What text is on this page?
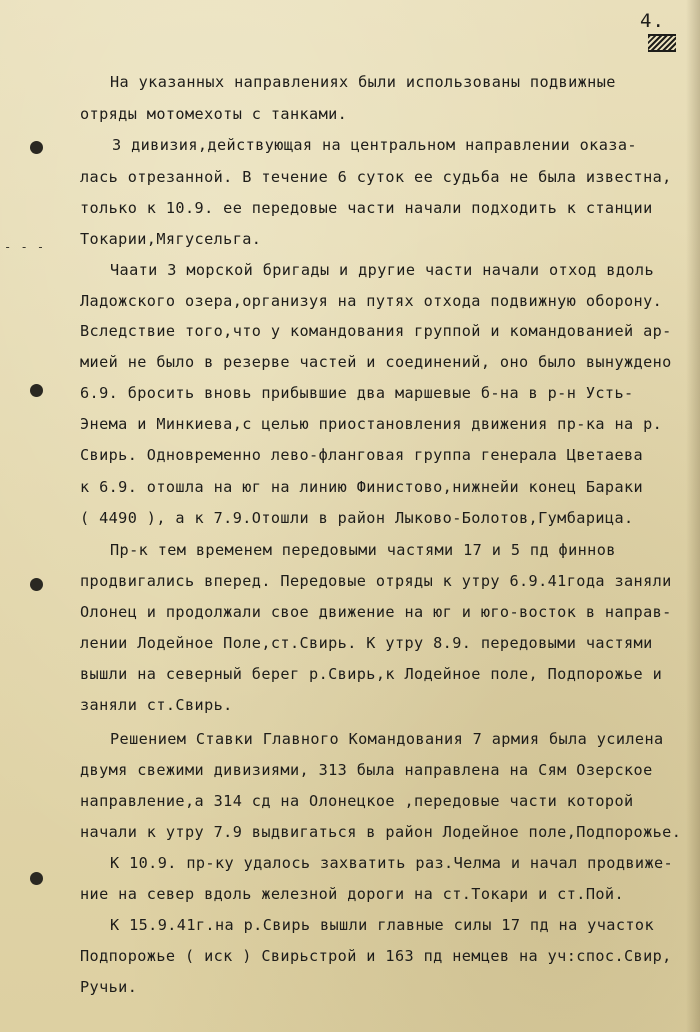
4.
- - -
На указанных направлениях были использованы подвижные
отряды мотомехоты с танками.
3 дивизия,действующая на центральном направлении оказа-
лась отрезанной. В течение 6 суток ее судьба не была известна,
только к 10.9. ее передовые части начали подходить к станции
Токарии,Мягусельга.
Чаати 3 морской бригады и другие части начали отход вдоль
Ладожского озера,организуя на путях отхода подвижную оборону.
Вследствие того,что у командования группой и командованией ар-
мией не было в резерве частей и соединений, оно было вынуждено
6.9. бросить вновь прибывшие два маршевые б-на в р-н Усть-
Энема и Минкиева,с целью приостановления движения пр-ка на р.
Свирь. Одновременно лево-фланговая группа генерала Цветаева
к 6.9. отошла на юг на линию Финистово,нижнейи конец Бараки
( 4490 ), а к 7.9.Отошли в район Лыково-Болотов,Гумбарица.
Пр-к тем временем передовыми частями 17 и 5 пд финнов
продвигались вперед. Передовые отряды к утру 6.9.41года заняли
Олонец и продолжали свое движение на юг и юго-восток в направ-
лении Лодейное Поле,ст.Свирь. К утру 8.9. передовыми частями
вышли на северный берег р.Свирь,к Лодейное поле, Подпорожье и
заняли ст.Свирь.
Решением Ставки Главного Командования 7 армия была усилена
двумя свежими дивизиями, 313 была направлена на Сям Озерское
направление,а 314 сд на Олонецкое ,передовые части которой
начали к утру 7.9 выдвигаться в район Лодейное поле,Подпорожье.
К 10.9. пр-ку удалось захватить раз.Челма и начал продвиже-
ние на север вдоль железной дороги на ст.Токари и ст.Пой.
К 15.9.41г.на р.Свирь вышли главные силы 17 пд на участок
Подпорожье ( иск ) Свирьстрой и 163 пд немцев на уч:спос.Свир,
Ручьи.
